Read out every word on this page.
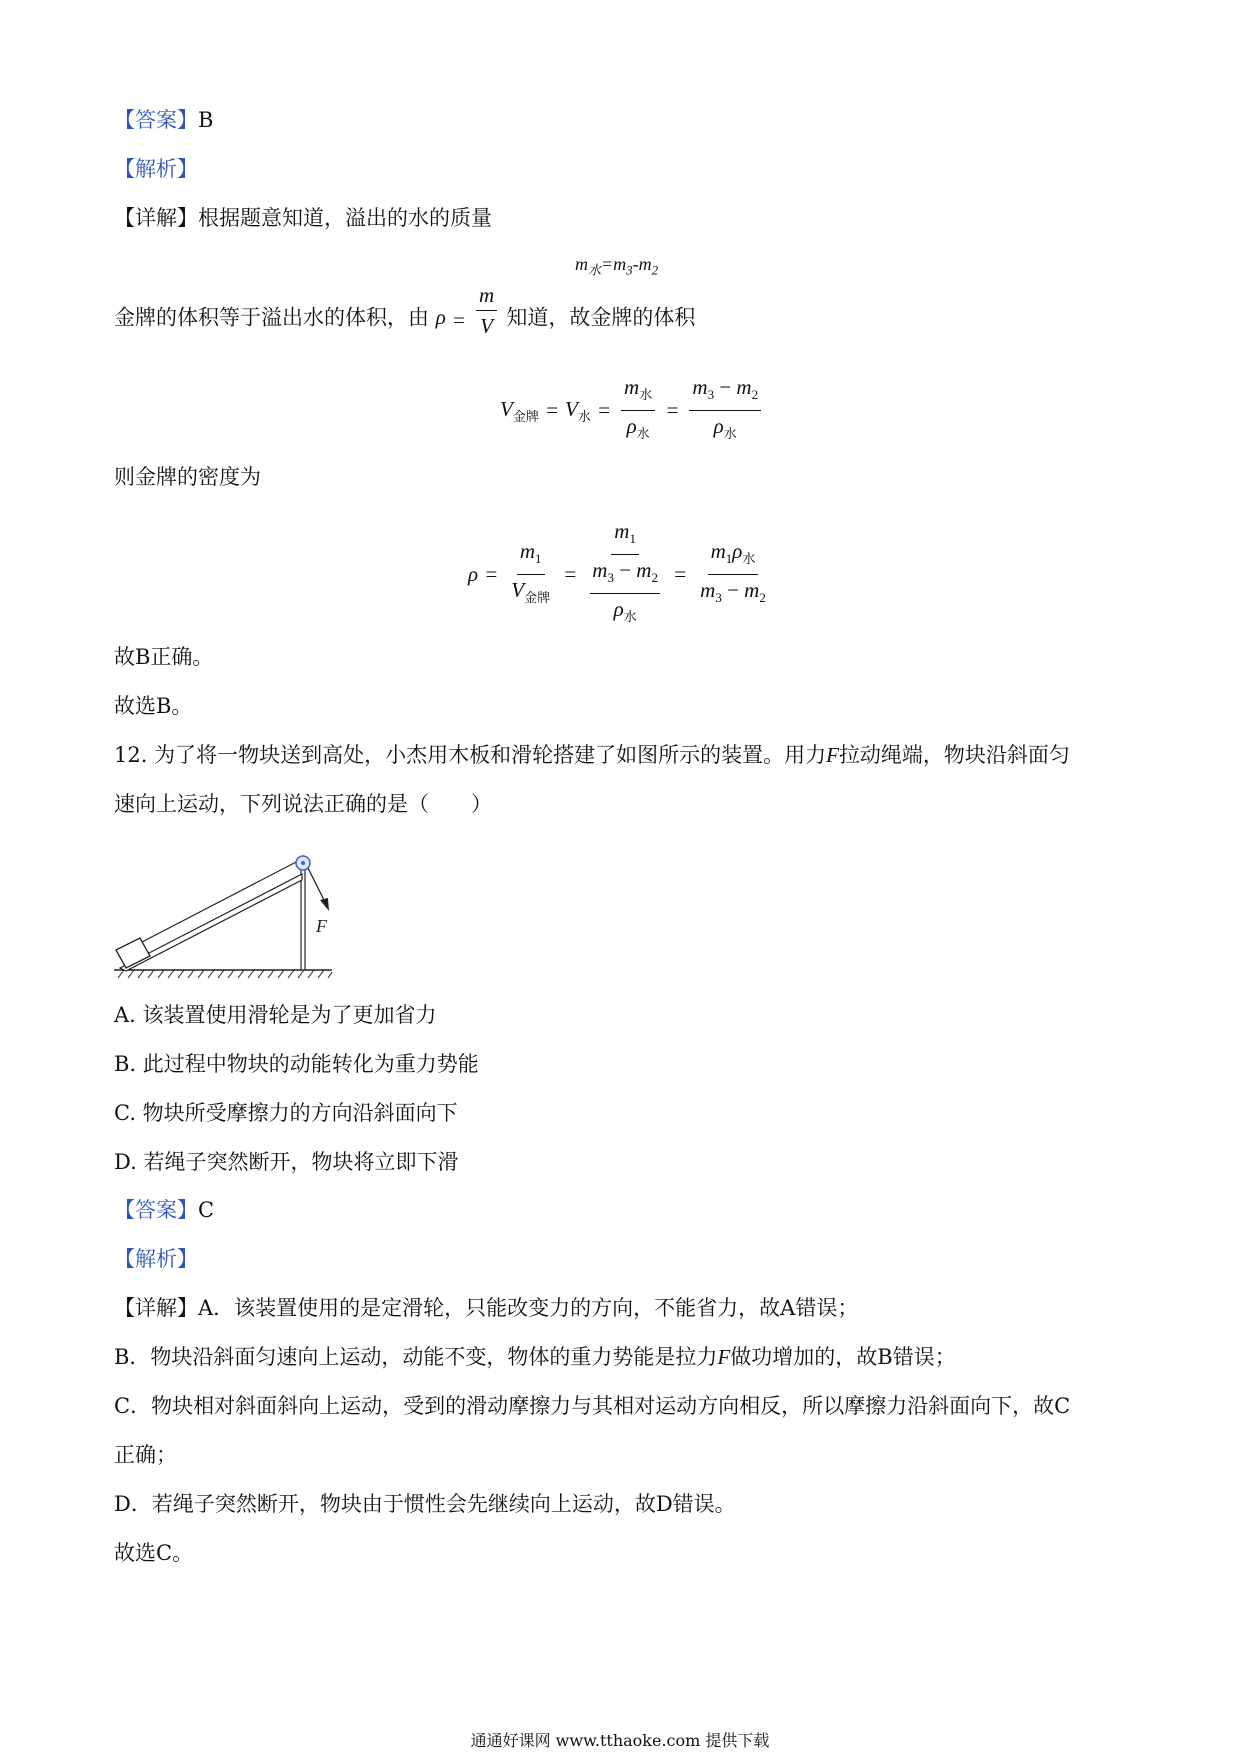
【答案】B
【解析】
【详解】根据题意知道，溢出的水的质量
$m_水=m_3-m_2$
金牌的体积等于溢出水的体积，由 $\rho = \frac{m}{V}$ 知道，故金牌的体积
$V_{金牌} = V_水 = \frac{m_水}{\rho_水} = \frac{m_3 - m_2}{\rho_水}$
则金牌的密度为
$\rho = \frac{m_1}{V_{金牌}} = m_1$
$m_3 - m_2$
$\rho_水 = \frac{m_1\rho_水}{m_3 - m_2}$
故B正确。
故选B。
12. 为了将一物块送到高处，小杰用木板和滑轮搭建了如图所示的装置。用力F拉动绳端，物块沿斜面匀
速向上运动，下列说法正确的是（　　）
F
A. 该装置使用滑轮是为了更加省力
B. 此过程中物块的动能转化为重力势能
C. 物块所受摩擦力的方向沿斜面向下
D. 若绳子突然断开，物块将立即下滑
【答案】C
【解析】
【详解】A．该装置使用的是定滑轮，只能改变力的方向，不能省力，故A错误；
B．物块沿斜面匀速向上运动，动能不变，物体的重力势能是拉力F做功增加的，故B错误；
C．物块相对斜面斜向上运动，受到的滑动摩擦力与其相对运动方向相反，所以摩擦力沿斜面向下，故C
正确；
D．若绳子突然断开，物块由于惯性会先继续向上运动，故D错误。
故选C。
通通好课网 www.tthaoke.com 提供下载
